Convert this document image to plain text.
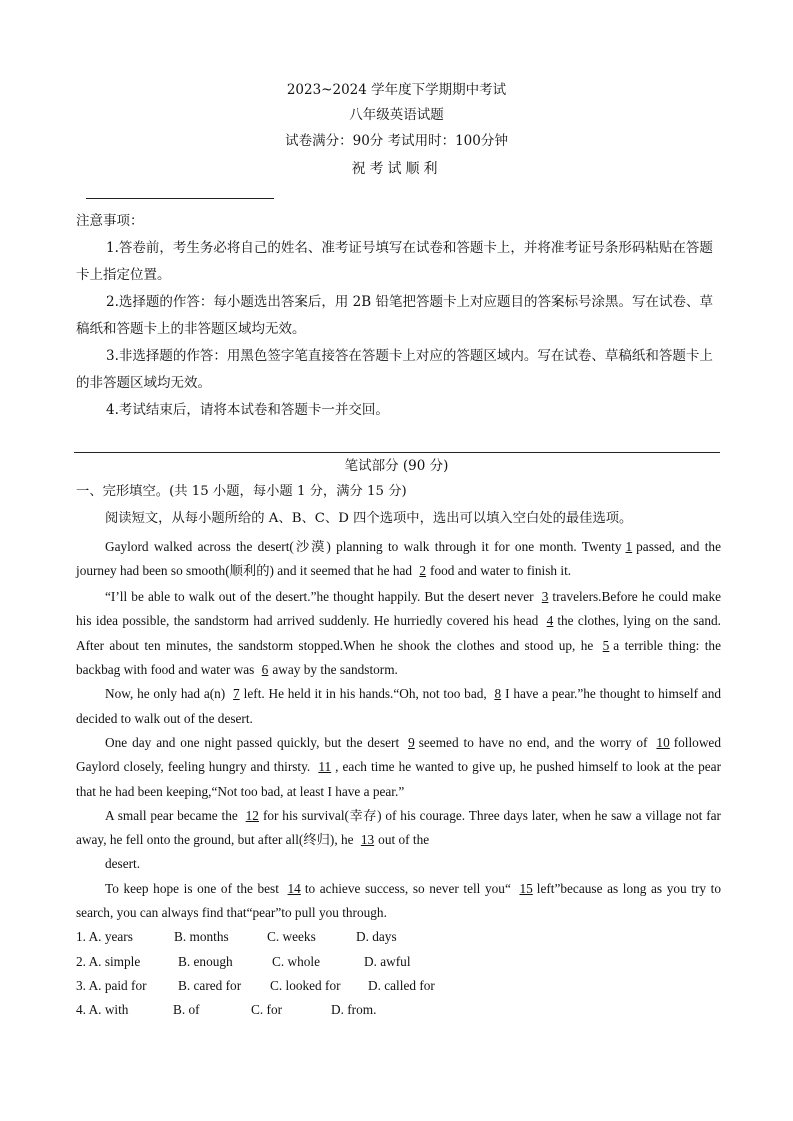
2023~2024 学年度下学期期中考试
八年级英语试题
试卷满分：90分 考试用时：100分钟
祝考试顺利
注意事项：
1.答卷前，考生务必将自己的姓名、准考证号填写在试卷和答题卡上，并将准考证号条形码粘贴在答题卡上指定位置。
2.选择题的作答：每小题选出答案后，用 2B 铅笔把答题卡上对应题目的答案标号涂黑。写在试卷、草稿纸和答题卡上的非答题区域均无效。
3.非选择题的作答：用黑色签字笔直接答在答题卡上对应的答题区域内。写在试卷、草稿纸和答题卡上的非答题区域均无效。
4.考试结束后，请将本试卷和答题卡一并交回。
笔试部分 (90 分)
一、完形填空。(共 15 小题，每小题 1 分，满分 15 分)
阅读短文，从每小题所给的 A、B、C、D 四个选项中，选出可以填入空白处的最佳选项。
Gaylord walked across the desert(沙漠) planning to walk through it for one month. Twenty 1 passed, and the journey had been so smooth(顺利的) and it seemed that he had 2 food and water to finish it.
“I’ll be able to walk out of the desert.”he thought happily. But the desert never 3 travelers.Before he could make his idea possible, the sandstorm had arrived suddenly. He hurriedly covered his head 4 the clothes, lying on the sand. After about ten minutes, the sandstorm stopped.When he shook the clothes and stood up, he 5 a terrible thing: the backbag with food and water was 6 away by the sandstorm.
Now, he only had a(n) 7 left. He held it in his hands.“Oh, not too bad, 8 I have a pear.”he thought to himself and decided to walk out of the desert.
One day and one night passed quickly, but the desert 9 seemed to have no end, and the worry of 10 followed Gaylord closely, feeling hungry and thirsty. 11 , each time he wanted to give up, he pushed himself to look at the pear that he had been keeping,“Not too bad, at least I have a pear.”
A small pear became the 12 for his survival(幸存) of his courage. Three days later, when he saw a village not far away, he fell onto the ground, but after all(终归), he 13 out of the
desert.
To keep hope is one of the best 14 to achieve success, so never tell you“ 15 left”because as long as you try to search, you can always find that“pear”to pull you through.
1. A. years	B. months	C. weeks	D. days
2. A. simple	B. enough	C. whole	D. awful
3. A. paid for	B. cared for	C. looked for	D. called for
4. A. with	B. of	C. for	D. from.
